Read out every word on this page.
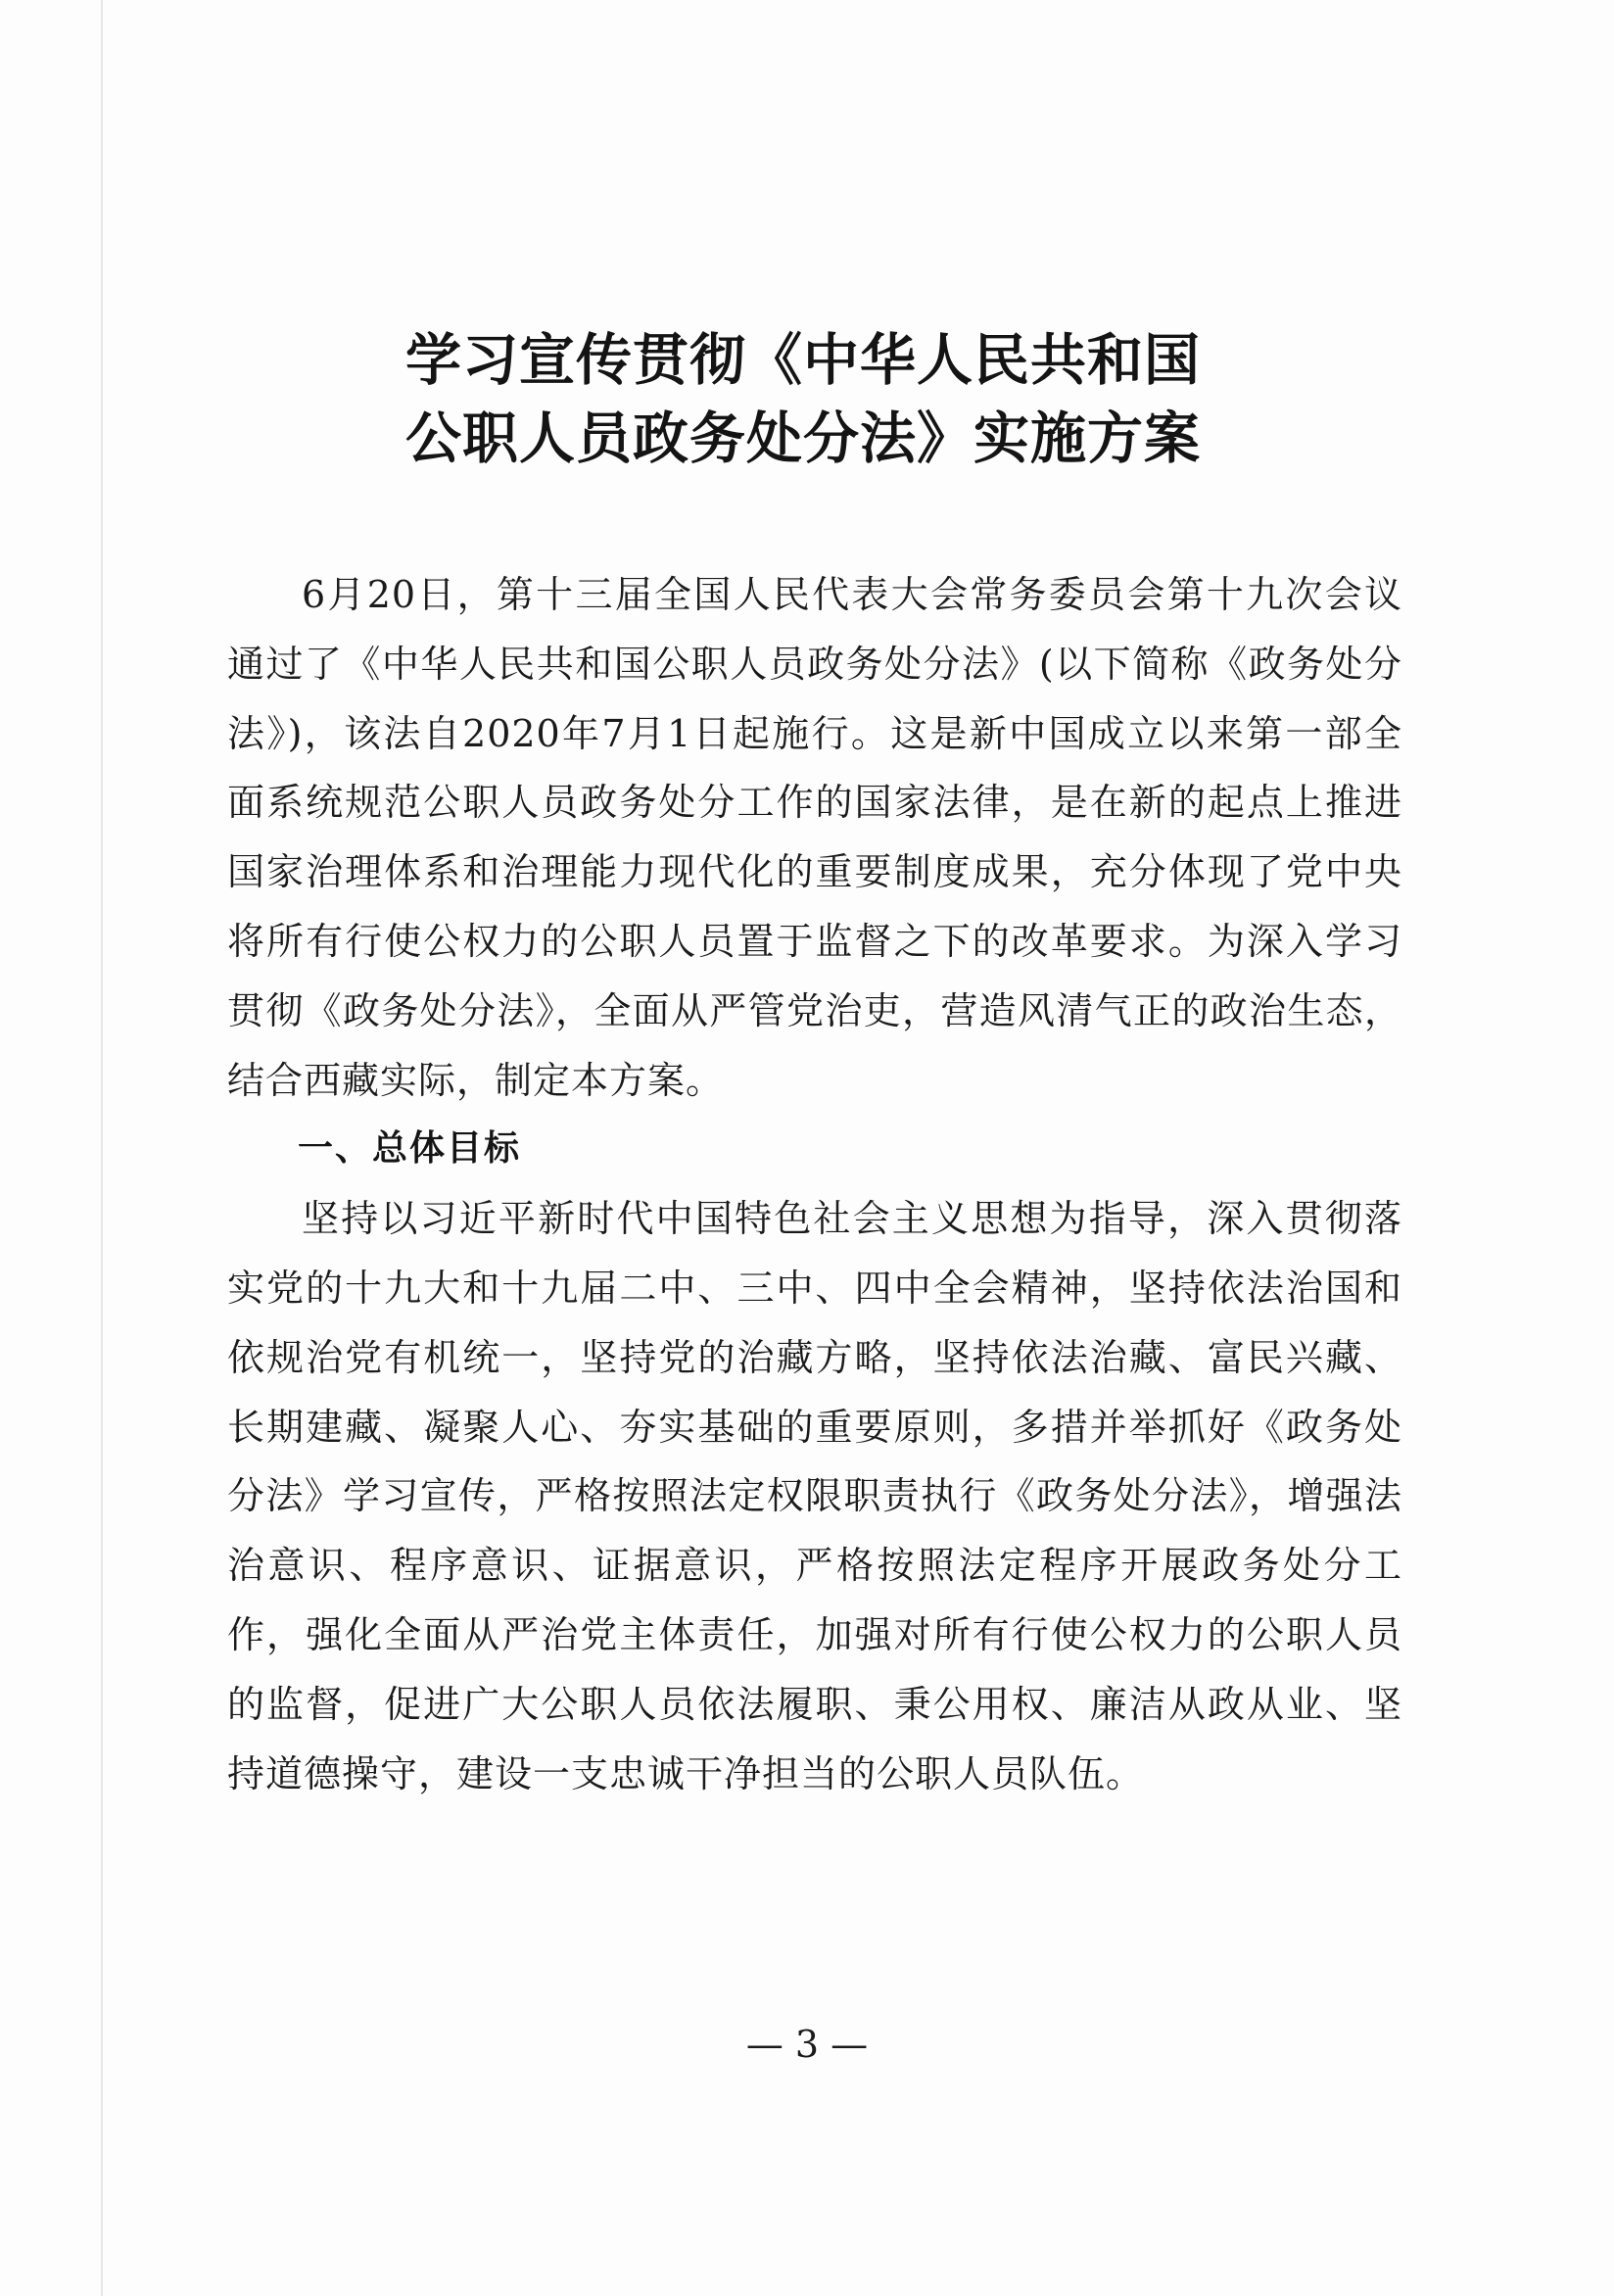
学习宣传贯彻《中华人民共和国
公职人员政务处分法》实施方案

6月20日，第十三届全国人民代表大会常务委员会第十九次会议通过了《中华人民共和国公职人员政务处分法》(以下简称《政务处分法》)，该法自2020年7月1日起施行。这是新中国成立以来第一部全面系统规范公职人员政务处分工作的国家法律，是在新的起点上推进国家治理体系和治理能力现代化的重要制度成果，充分体现了党中央将所有行使公权力的公职人员置于监督之下的改革要求。为深入学习贯彻《政务处分法》，全面从严管党治吏，营造风清气正的政治生态，结合西藏实际，制定本方案。

一、总体目标

坚持以习近平新时代中国特色社会主义思想为指导，深入贯彻落实党的十九大和十九届二中、三中、四中全会精神，坚持依法治国和依规治党有机统一，坚持党的治藏方略，坚持依法治藏、富民兴藏、长期建藏、凝聚人心、夯实基础的重要原则，多措并举抓好《政务处分法》学习宣传，严格按照法定权限职责执行《政务处分法》，增强法治意识、程序意识、证据意识，严格按照法定程序开展政务处分工作，强化全面从严治党主体责任，加强对所有行使公权力的公职人员的监督，促进广大公职人员依法履职、秉公用权、廉洁从政从业、坚持道德操守，建设一支忠诚干净担当的公职人员队伍。

— 3 —
